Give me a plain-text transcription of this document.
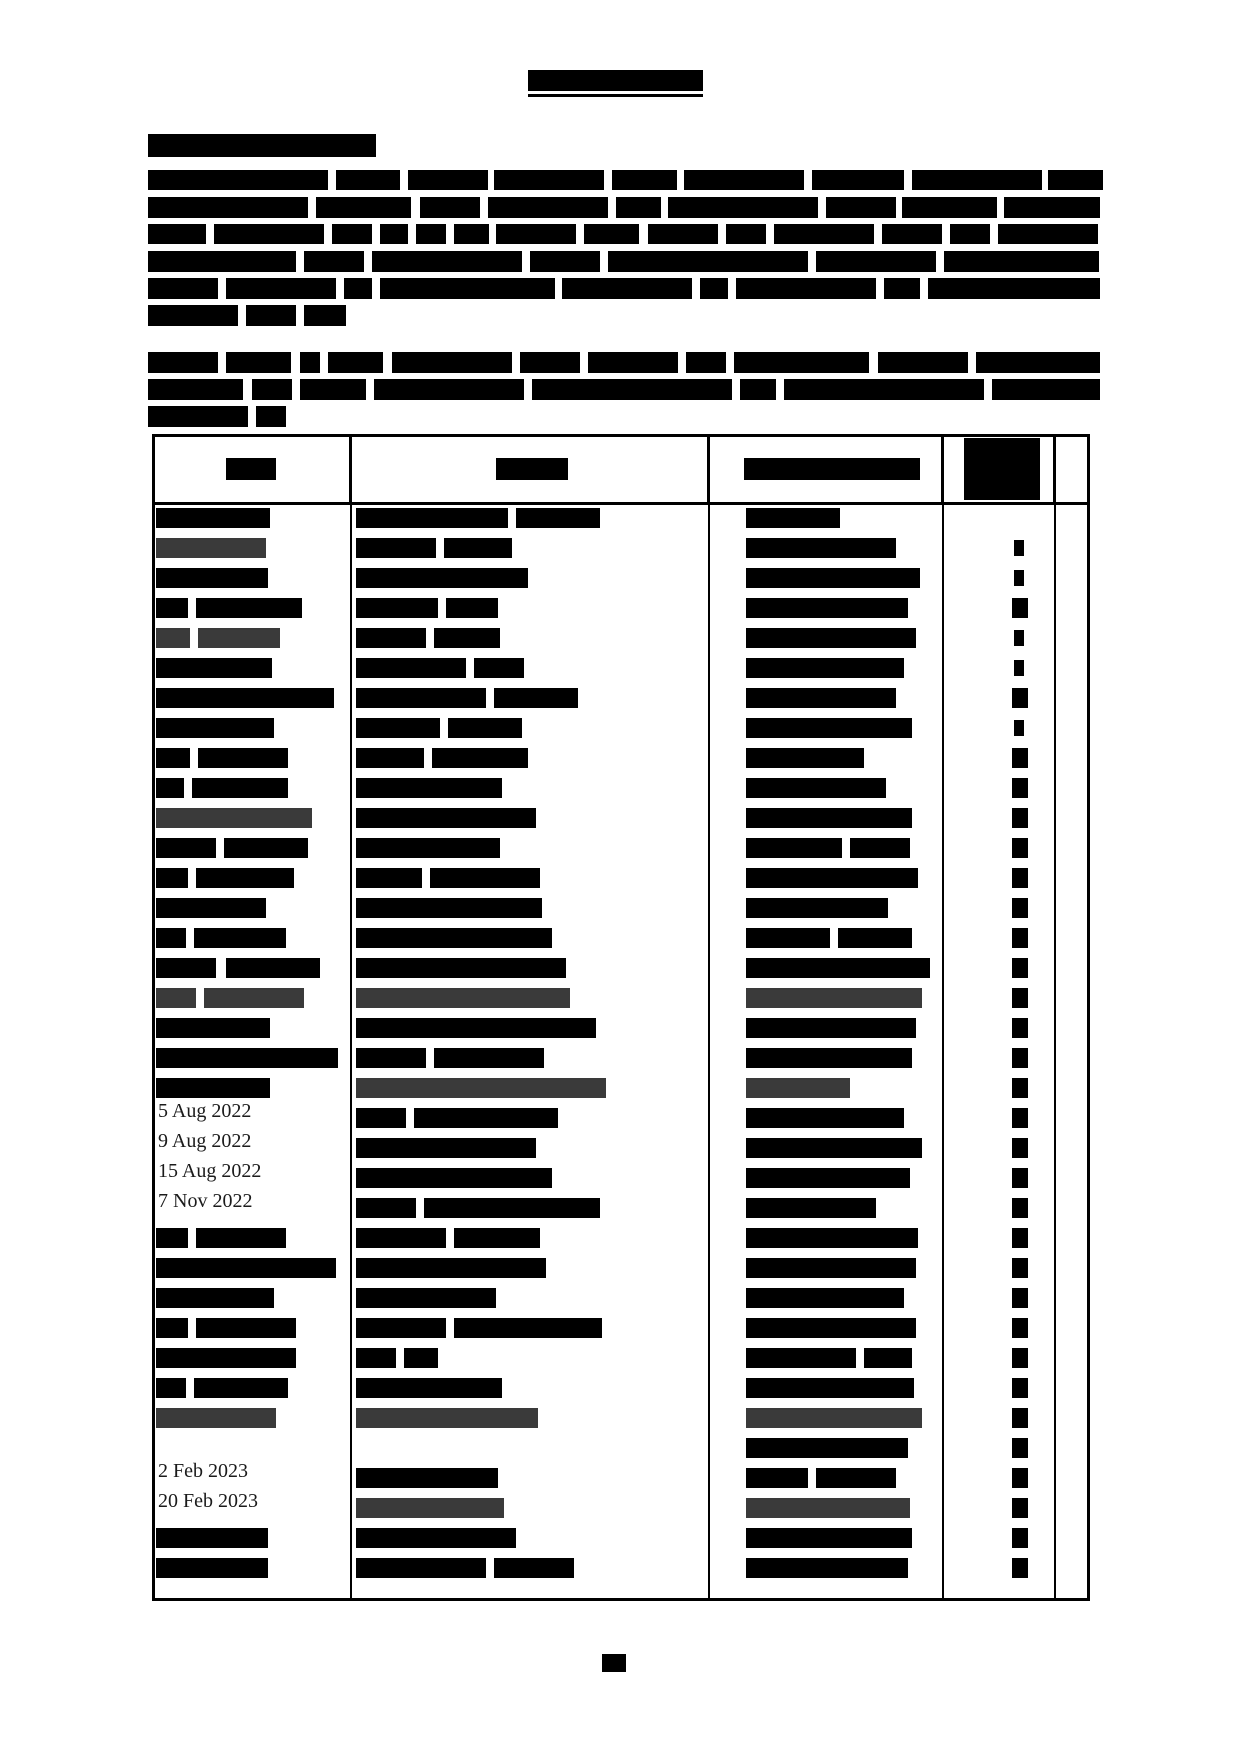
5 Aug 2022
9 Aug 2022
15 Aug 2022
7 Nov 2022
2 Feb 2023
20 Feb 2023
